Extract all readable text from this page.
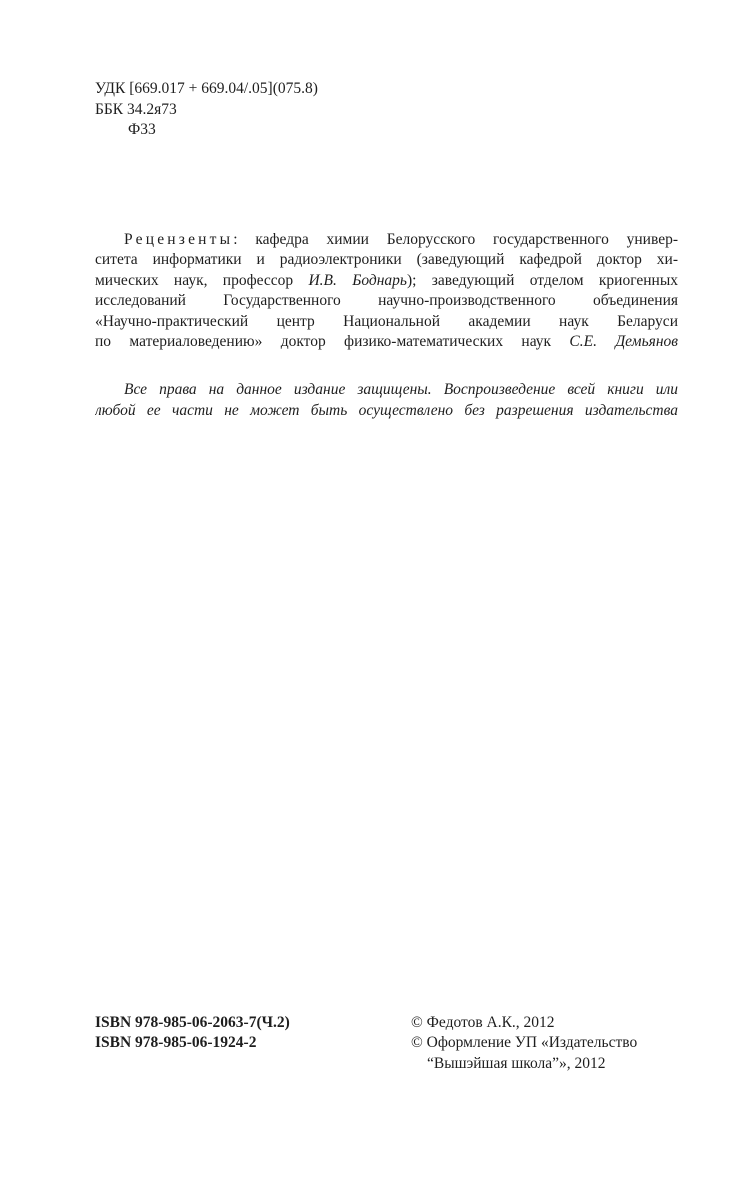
УДК [669.017 + 669.04/.05](075.8)
ББК 34.2я73
Ф33
Рецензенты: кафедра химии Белорусского государственного универ-
ситета информатики и радиоэлектроники (заведующий кафедрой доктор хи-
мических наук, профессор И.В. Боднарь); заведующий отделом криогенных
исследований Государственного научно-производственного объединения
«Научно-практический центр Национальной академии наук Беларуси
по материаловедению» доктор физико-математических наук С.Е. Демьянов
Все права на данное издание защищены. Воспроизведение всей книги или
любой ее части не может быть осуществлено без разрешения издательства
ISBN 978-985-06-2063-7(Ч.2)
ISBN 978-985-06-1924-2
© Федотов А.К., 2012
© Оформление УП «Издательство
“Вышэйшая школа”», 2012
